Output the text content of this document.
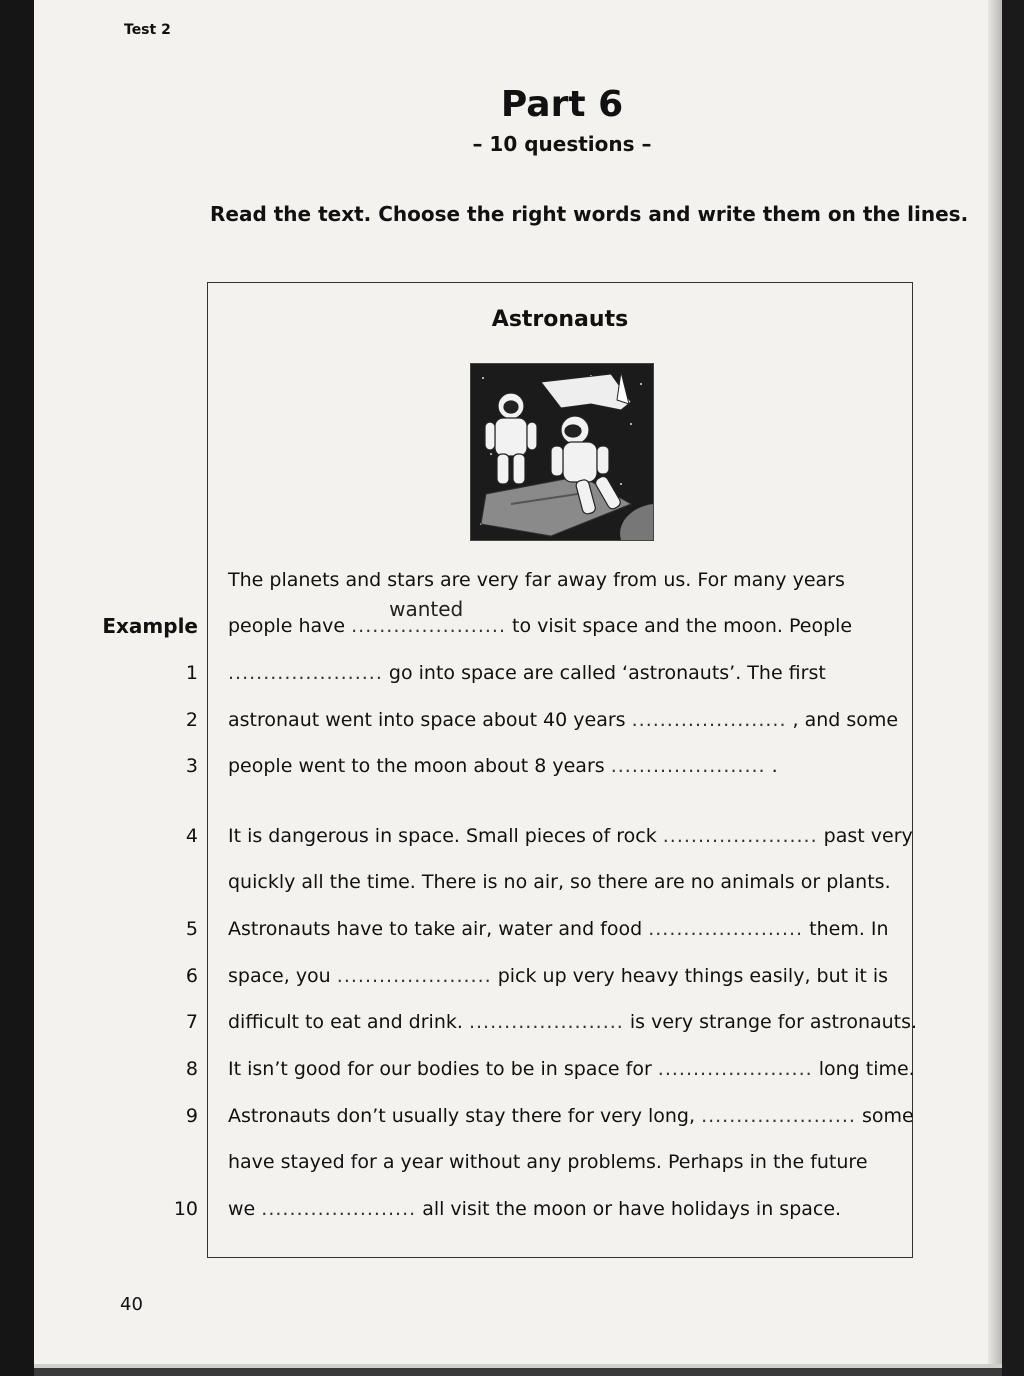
Test 2
Part 6
– 10 questions –
Read the text. Choose the right words and write them on the lines.
Astronauts
The planets and stars are very far away from us. For many years
people have ......................
wanted
to visit space and the moon. People
...................... go into space are called ‘astronauts’. The first
astronaut went into space about 40 years ...................... , and some
people went to the moon about 8 years ...................... .
It is dangerous in space. Small pieces of rock ...................... past very
quickly all the time. There is no air, so there are no animals or plants.
Astronauts have to take air, water and food ...................... them. In
space, you ...................... pick up very heavy things easily, but it is
difficult to eat and drink. ...................... is very strange for astronauts.
It isn’t good for our bodies to be in space for ...................... long time.
Astronauts don’t usually stay there for very long, ...................... some
have stayed for a year without any problems. Perhaps in the future
we ...................... all visit the moon or have holidays in space.
Example
1
2
3
4
5
6
7
8
9
10
40
